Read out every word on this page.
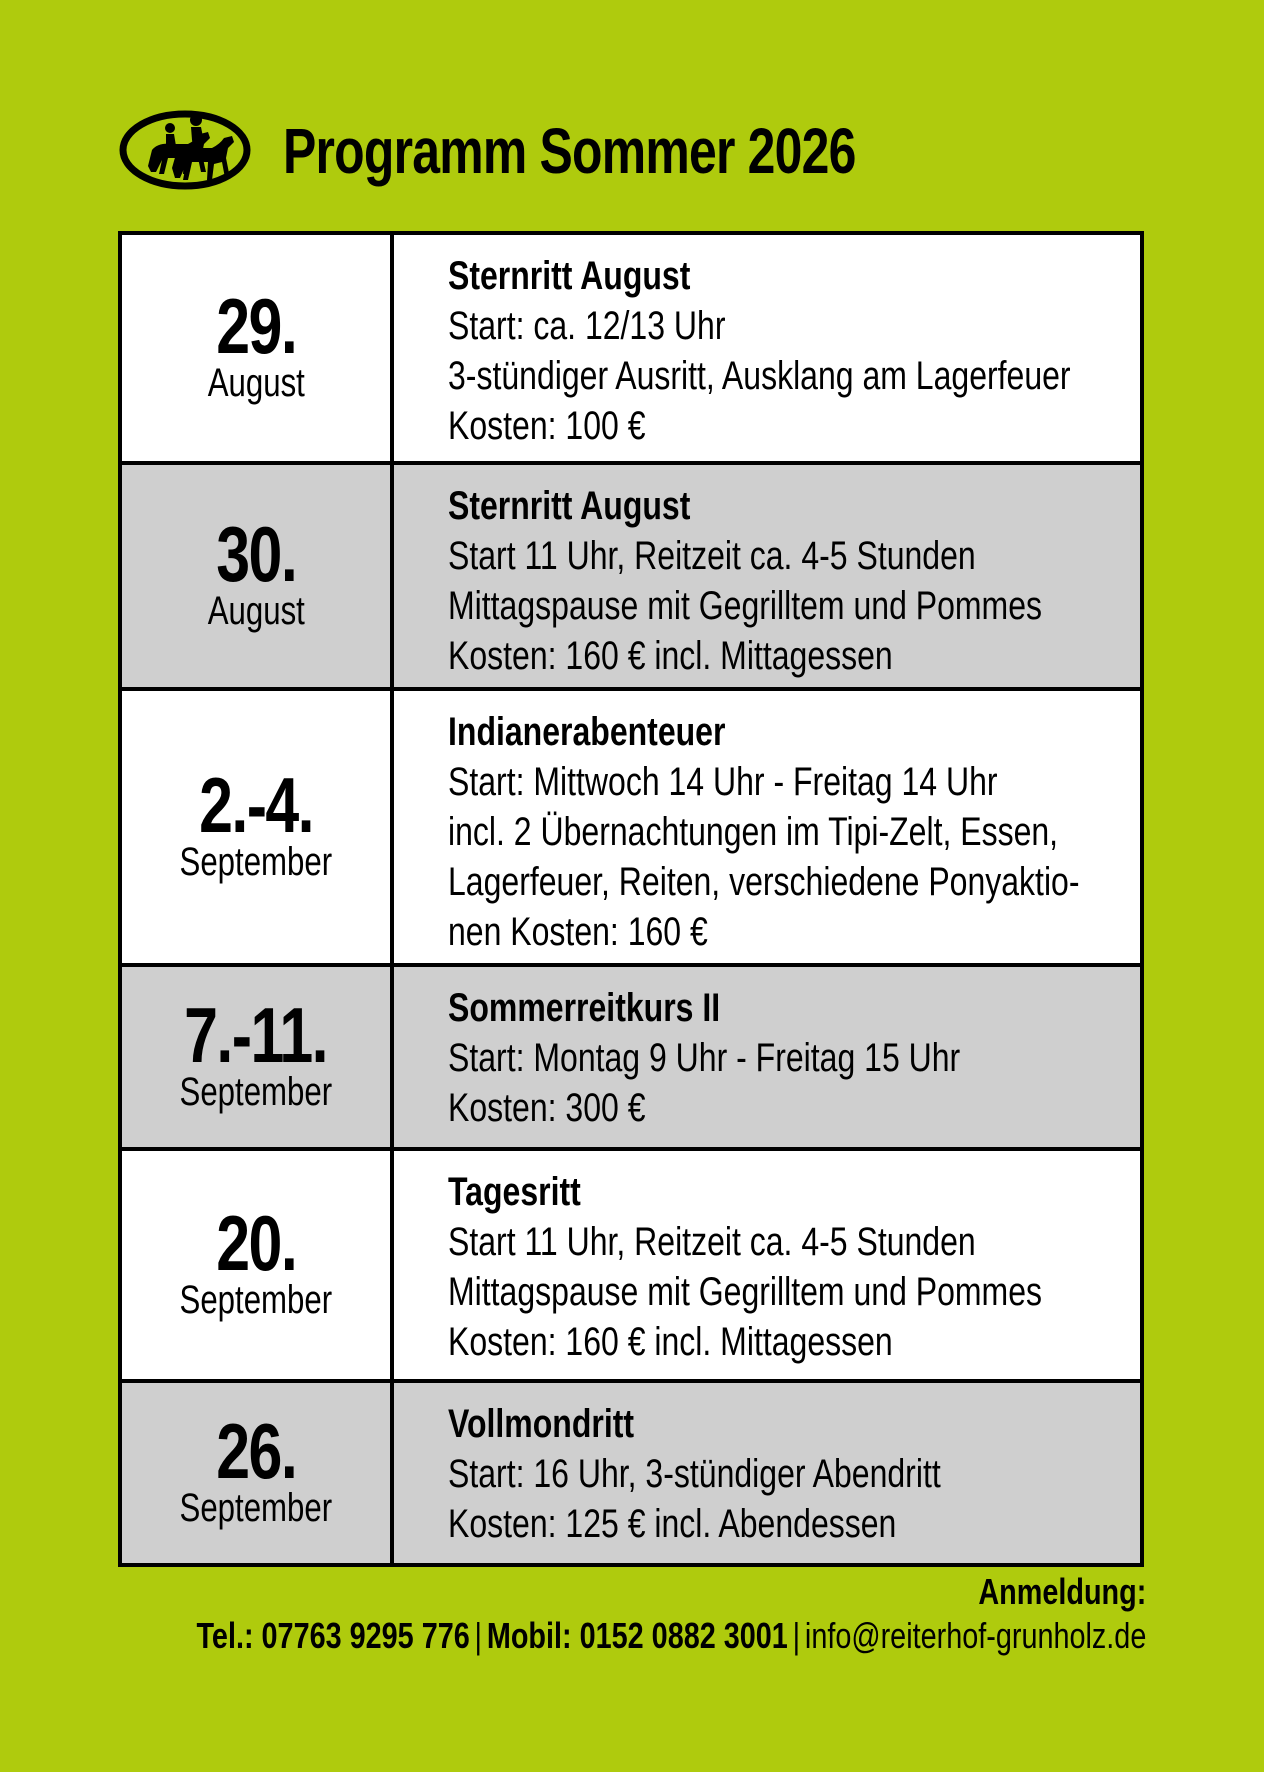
Programm Sommer 2026
29.
August
Sternritt August
Start: ca. 12/13 Uhr
3-stündiger Ausritt, Ausklang am Lagerfeuer
Kosten: 100 €
30.
August
Sternritt August
Start 11 Uhr, Reitzeit ca. 4-5 Stunden
Mittagspause mit Gegrilltem und Pommes
Kosten: 160 € incl. Mittagessen
2.-4.
September
Indianerabenteuer
Start: Mittwoch 14 Uhr - Freitag 14 Uhr
incl. 2 Übernachtungen im Tipi-Zelt, Essen,
Lagerfeuer, Reiten, verschiedene Ponyaktio-
nen Kosten: 160 €
7.-11.
September
Sommerreitkurs II
Start: Montag 9 Uhr - Freitag 15 Uhr
Kosten: 300 €
20.
September
Tagesritt
Start 11 Uhr, Reitzeit ca. 4-5 Stunden
Mittagspause mit Gegrilltem und Pommes
Kosten: 160 € incl. Mittagessen
26.
September
Vollmondritt
Start: 16 Uhr, 3-stündiger Abendritt
Kosten: 125 € incl. Abendessen
Anmeldung:
Tel.: 07763 9295 776 | Mobil: 0152 0882 3001 | info@reiterhof-grunholz.de
